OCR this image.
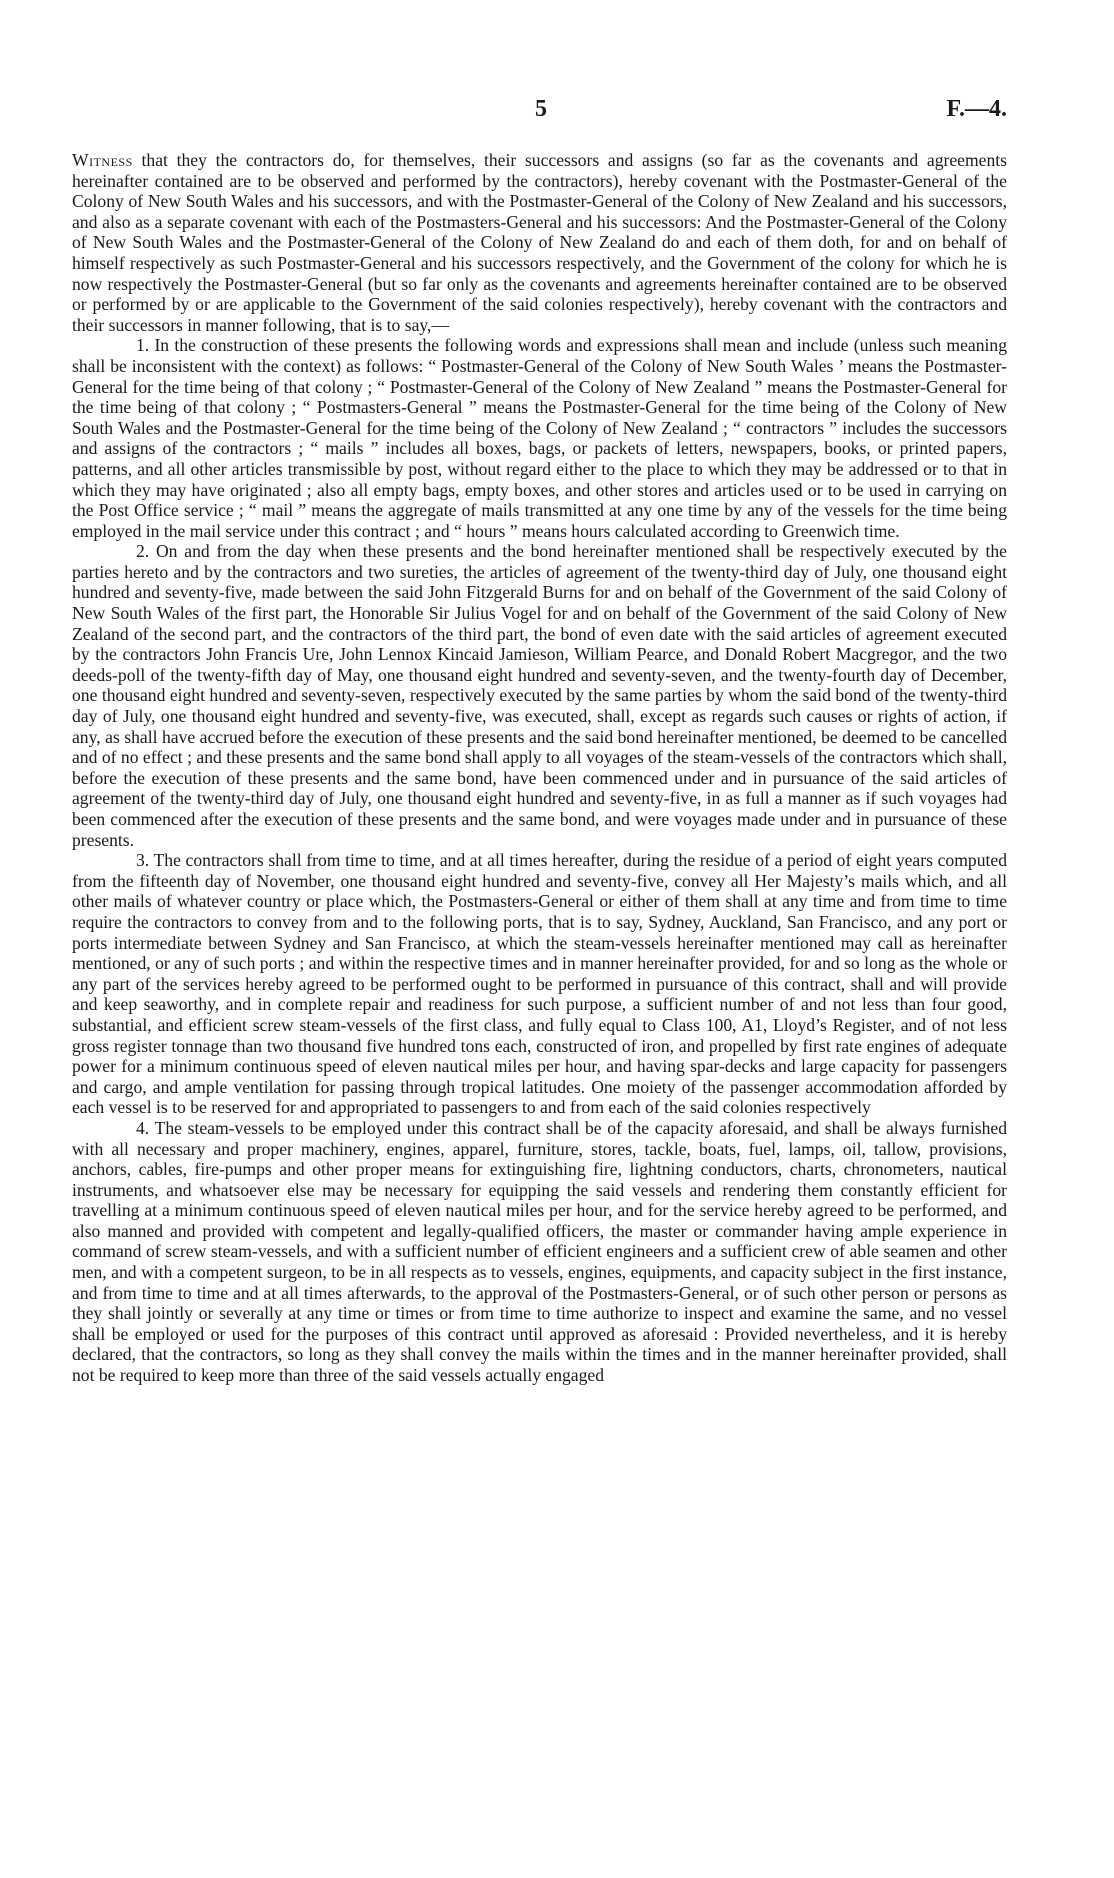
5	F.—4.

Witness that they the contractors do, for themselves, their successors and assigns (so far as the covenants and agreements hereinafter contained are to be observed and performed by the contractors), hereby covenant with the Postmaster-General of the Colony of New South Wales and his successors, and with the Postmaster-General of the Colony of New Zealand and his successors, and also as a separate covenant with each of the Postmasters-General and his successors: And the Postmaster-General of the Colony of New South Wales and the Postmaster-General of the Colony of New Zealand do and each of them doth, for and on behalf of himself respectively as such Postmaster-General and his successors respectively, and the Government of the colony for which he is now respectively the Postmaster-General (but so far only as the covenants and agreements hereinafter contained are to be observed or performed by or are applicable to the Government of the said colonies respectively), hereby covenant with the contractors and their successors in manner following, that is to say,—

1. In the construction of these presents the following words and expressions shall mean and include (unless such meaning shall be inconsistent with the context) as follows: “ Postmaster-General of the Colony of New South Wales ’ means the Postmaster-General for the time being of that colony ; “ Postmaster-General of the Colony of New Zealand ” means the Postmaster-General for the time being of that colony ; “ Postmasters-General ” means the Postmaster-General for the time being of the Colony of New South Wales and the Postmaster-General for the time being of the Colony of New Zealand ; “ contractors ” includes the successors and assigns of the contractors ; “ mails ” includes all boxes, bags, or packets of letters, newspapers, books, or printed papers, patterns, and all other articles transmissible by post, without regard either to the place to which they may be addressed or to that in which they may have originated ; also all empty bags, empty boxes, and other stores and articles used or to be used in carrying on the Post Office service ; “ mail ” means the aggregate of mails transmitted at any one time by any of the vessels for the time being employed in the mail service under this contract ; and “ hours ” means hours calculated according to Greenwich time.

2. On and from the day when these presents and the bond hereinafter mentioned shall be respectively executed by the parties hereto and by the contractors and two sureties, the articles of agreement of the twenty-third day of July, one thousand eight hundred and seventy-five, made between the said John Fitzgerald Burns for and on behalf of the Government of the said Colony of New South Wales of the first part, the Honorable Sir Julius Vogel for and on behalf of the Government of the said Colony of New Zealand of the second part, and the contractors of the third part, the bond of even date with the said articles of agreement executed by the contractors John Francis Ure, John Lennox Kincaid Jamieson, William Pearce, and Donald Robert Macgregor, and the two deeds-poll of the twenty-fifth day of May, one thousand eight hundred and seventy-seven, and the twenty-fourth day of December, one thousand eight hundred and seventy-seven, respectively executed by the same parties by whom the said bond of the twenty-third day of July, one thousand eight hundred and seventy-five, was executed, shall, except as regards such causes or rights of action, if any, as shall have accrued before the execution of these presents and the said bond hereinafter mentioned, be deemed to be cancelled and of no effect ; and these presents and the same bond shall apply to all voyages of the steam-vessels of the contractors which shall, before the execution of these presents and the same bond, have been commenced under and in pursuance of the said articles of agreement of the twenty-third day of July, one thousand eight hundred and seventy-five, in as full a manner as if such voyages had been commenced after the execution of these presents and the same bond, and were voyages made under and in pursuance of these presents.

3. The contractors shall from time to time, and at all times hereafter, during the residue of a period of eight years computed from the fifteenth day of November, one thousand eight hundred and seventy-five, convey all Her Majesty’s mails which, and all other mails of whatever country or place which, the Postmasters-General or either of them shall at any time and from time to time require the contractors to convey from and to the following ports, that is to say, Sydney, Auckland, San Francisco, and any port or ports intermediate between Sydney and San Francisco, at which the steam-vessels hereinafter mentioned may call as hereinafter mentioned, or any of such ports ; and within the respective times and in manner hereinafter provided, for and so long as the whole or any part of the services hereby agreed to be performed ought to be performed in pursuance of this contract, shall and will provide and keep seaworthy, and in complete repair and readiness for such purpose, a sufficient number of and not less than four good, substantial, and efficient screw steam-vessels of the first class, and fully equal to Class 100, A1, Lloyd’s Register, and of not less gross register tonnage than two thousand five hundred tons each, constructed of iron, and propelled by first rate engines of adequate power for a minimum continuous speed of eleven nautical miles per hour, and having spar-decks and large capacity for passengers and cargo, and ample ventilation for passing through tropical latitudes. One moiety of the passenger accommodation afforded by each vessel is to be reserved for and appropriated to passengers to and from each of the said colonies respectively

4. The steam-vessels to be employed under this contract shall be of the capacity aforesaid, and shall be always furnished with all necessary and proper machinery, engines, apparel, furniture, stores, tackle, boats, fuel, lamps, oil, tallow, provisions, anchors, cables, fire-pumps and other proper means for extinguishing fire, lightning conductors, charts, chronometers, nautical instruments, and whatsoever else may be necessary for equipping the said vessels and rendering them constantly efficient for travelling at a minimum continuous speed of eleven nautical miles per hour, and for the service hereby agreed to be performed, and also manned and provided with competent and legally-qualified officers, the master or commander having ample experience in command of screw steam-vessels, and with a sufficient number of efficient engineers and a sufficient crew of able seamen and other men, and with a competent surgeon, to be in all respects as to vessels, engines, equipments, and capacity subject in the first instance, and from time to time and at all times afterwards, to the approval of the Postmasters-General, or of such other person or persons as they shall jointly or severally at any time or times or from time to time authorize to inspect and examine the same, and no vessel shall be employed or used for the purposes of this contract until approved as aforesaid : Provided nevertheless, and it is hereby declared, that the contractors, so long as they shall convey the mails within the times and in the manner hereinafter provided, shall not be required to keep more than three of the said vessels actually engaged
